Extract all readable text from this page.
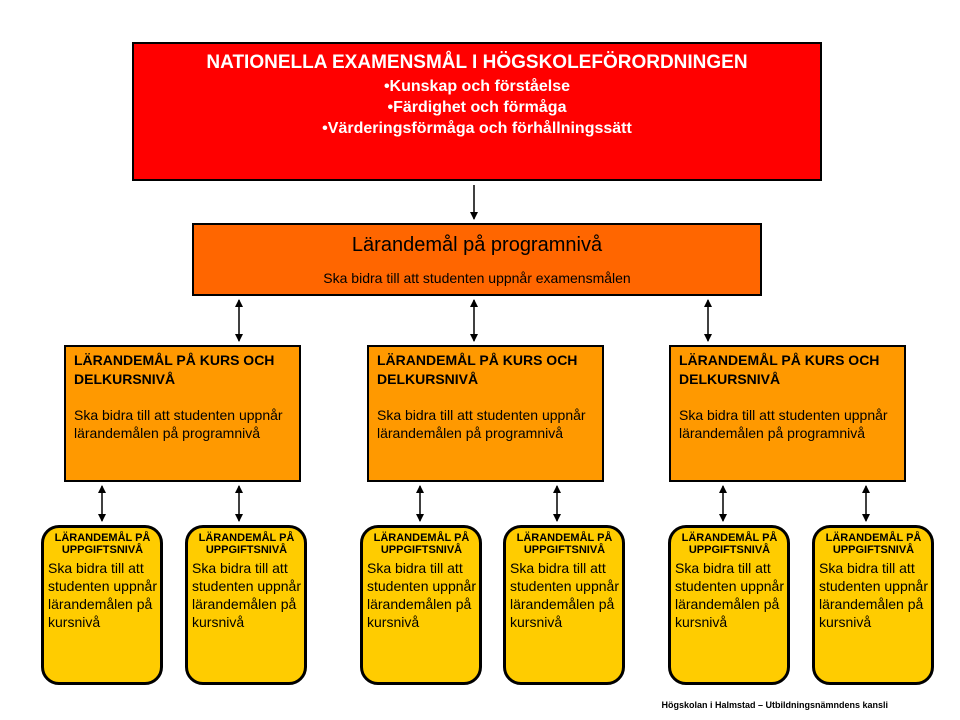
NATIONELLA EXAMENSMÅL I HÖGSKOLEFÖRORDNINGEN
•Kunskap och förståelse
•Färdighet och förmåga
•Värderingsförmåga och förhållningssätt
Lärandemål på programnivå
Ska bidra till att studenten uppnår examensmålen
LÄRANDEMÅL PÅ KURS OCH DELKURSNIVÅ
Ska bidra till att studenten uppnår lärandemålen på programnivå
LÄRANDEMÅL PÅ KURS OCH DELKURSNIVÅ
Ska bidra till att studenten uppnår lärandemålen på programnivå
LÄRANDEMÅL PÅ KURS OCH DELKURSNIVÅ
Ska bidra till att studenten uppnår lärandemålen på programnivå
LÄRANDEMÅL PÅ UPPGIFTSNIVÅ
Ska bidra till att studenten uppnår lärandemålen på kursnivå
LÄRANDEMÅL PÅ UPPGIFTSNIVÅ
Ska bidra till att studenten uppnår lärandemålen på kursnivå
LÄRANDEMÅL PÅ UPPGIFTSNIVÅ
Ska bidra till att studenten uppnår lärandemålen på kursnivå
LÄRANDEMÅL PÅ UPPGIFTSNIVÅ
Ska bidra till att studenten uppnår lärandemålen på kursnivå
LÄRANDEMÅL PÅ UPPGIFTSNIVÅ
Ska bidra till att studenten uppnår lärandemålen på kursnivå
LÄRANDEMÅL PÅ UPPGIFTSNIVÅ
Ska bidra till att studenten uppnår lärandemålen på kursnivå
Högskolan i Halmstad – Utbildningsnämndens kansli
